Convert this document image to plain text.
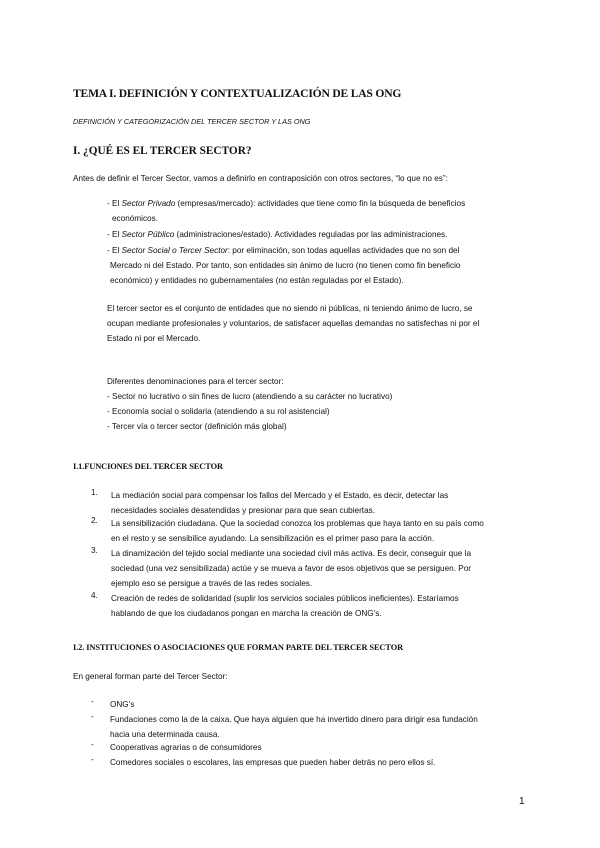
TEMA I. DEFINICIÓN Y CONTEXTUALIZACIÓN DE LAS ONG
DEFINICIÓN Y CATEGORIZACIÓN DEL TERCER SECTOR Y LAS ONG
I. ¿QUÉ ES EL TERCER SECTOR?
Antes de definir el Tercer Sector, vamos a definirlo en contraposición con otros sectores, “lo que no es”:
- El Sector Privado (empresas/mercado): actividades que tiene como fin la búsqueda de beneficios
económicos.
- El Sector Público (administraciones/estado). Actividades reguladas por las administraciones.
- El Sector Social o Tercer Sector: por eliminación, son todas aquellas actividades que no son del
Mercado ni del Estado. Por tanto, son entidades sin ánimo de lucro (no tienen como fin beneficio
económico) y entidades no gubernamentales (no están reguladas por el Estado).
El tercer sector es el conjunto de entidades que no siendo ni públicas, ni teniendo ánimo de lucro, se
ocupan mediante profesionales y voluntarios, de satisfacer aquellas demandas no satisfechas ni por el
Estado ni por el Mercado.
Diferentes denominaciones para el tercer sector:
- Sector no lucrativo o sin fines de lucro (atendiendo a su carácter no lucrativo)
- Economía social o solidaria (atendiendo a su rol asistencial)
- Tercer vía o tercer sector (definición más global)
I.1.FUNCIONES DEL TERCER SECTOR
1. La mediación social para compensar los fallos del Mercado y el Estado, es decir, detectar las
necesidades sociales desatendidas y presionar para que sean cubiertas.
2. La sensibilización ciudadana. Que la sociedad conozca los problemas que haya tanto en su país como
en el resto y se sensibilice ayudando. La sensibilización es el primer paso para la acción.
3. La dinamización del tejido social mediante una sociedad civil más activa. Es decir, conseguir que la
sociedad (una vez sensibilizada) actúe y se mueva a favor de esos objetivos que se persiguen. Por
ejemplo eso se persigue a través de las redes sociales.
4. Creación de redes de solidaridad (suplir los servicios sociales públicos ineficientes). Estaríamos
hablando de que los ciudadanos pongan en marcha la creación de ONG’s.
I.2. INSTITUCIONES O ASOCIACIONES QUE FORMAN PARTE DEL TERCER SECTOR
En general forman parte del Tercer Sector:
- ONG’s
- Fundaciones como la de la caixa. Que haya alguien que ha invertido dinero para dirigir esa fundación
hacia una determinada causa.
- Cooperativas agrarias o de consumidores
- Comedores sociales o escolares, las empresas que pueden haber detrás no pero ellos sí.
1
